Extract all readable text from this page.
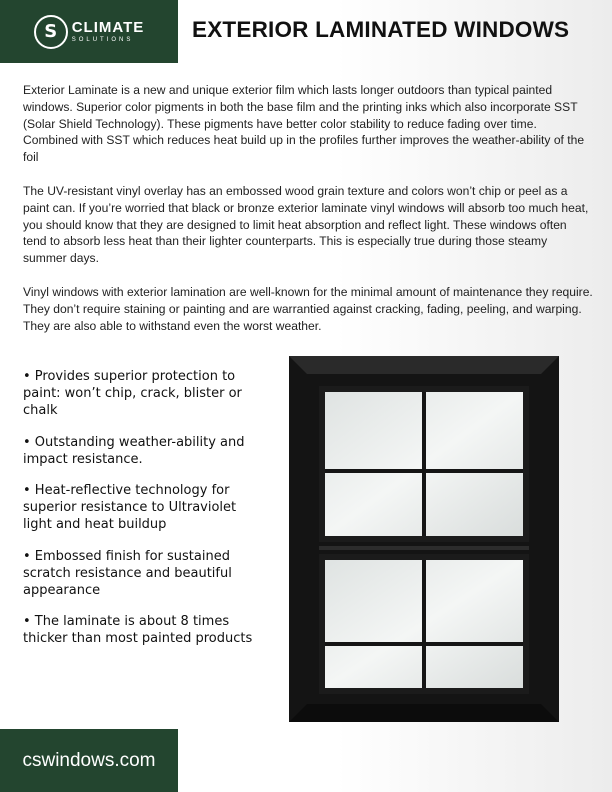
S CLIMATE
SOLUTIONS	EXTERIOR LAMINATED WINDOWS

Exterior Laminate is a new and unique exterior film which lasts longer outdoors than typical painted windows. Superior color pigments in both the base film and the printing inks which also incorporate SST (Solar Shield Technology). These pigments have better color stability to reduce fading over time. Combined with SST which reduces heat build up in the profiles further improves the weather-ability of the foil

The UV-resistant vinyl overlay has an embossed wood grain texture and colors won’t chip or peel as a paint can. If you’re worried that black or bronze exterior laminate vinyl windows will absorb too much heat, you should know that they are designed to limit heat absorption and reflect light. These windows often tend to absorb less heat than their lighter counterparts. This is especially true during those steamy summer days.

Vinyl windows with exterior lamination are well-known for the minimal amount of maintenance they require. They don’t require staining or painting and are warrantied against cracking, fading, peeling, and warping. They are also able to withstand even the worst weather.

• Provides superior protection to paint: won’t chip, crack, blister or chalk
• Outstanding weather-ability and impact resistance.
• Heat-reflective technology for superior resistance to Ultraviolet light and heat buildup
• Embossed finish for sustained scratch resistance and beautiful appearance
• The laminate is about 8 times thicker than most painted products
cswindows.com
